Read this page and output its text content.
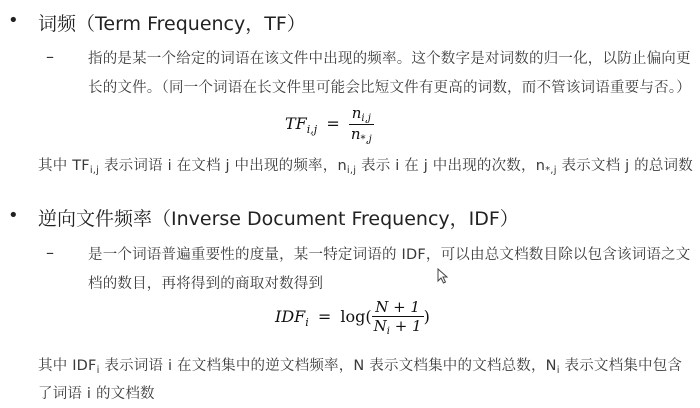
• 词频（Term Frequency，TF）
– 指的是某一个给定的词语在该文件中出现的频率。这个数字是对词数的归一化，以防止偏向更
长的文件。（同一个词语在长文件里可能会比短文件有更高的词数，而不管该词语重要与否。）
$TF_{i,j} = \frac{n_{i,j}}{n_{*,j}}$
其中 $TF_{i,j}$ 表示词语 i 在文档 j 中出现的频率，$n_{i,j}$ 表示 i 在 j 中出现的次数，$n_{*,j}$ 表示文档 j 的总词数
• 逆向文件频率（Inverse Document Frequency，IDF）
– 是一个词语普遍重要性的度量，某一特定词语的 IDF，可以由总文档数目除以包含该词语之文
档的数目，再将得到的商取对数得到
$IDF_i = \log( \frac{N + 1}{N_i + 1}$ )
其中 $IDF_i$ 表示词语 i 在文档集中的逆文档频率，N 表示文档集中的文档总数，$N_i$ 表示文档集中包含
了词语 i 的文档数
